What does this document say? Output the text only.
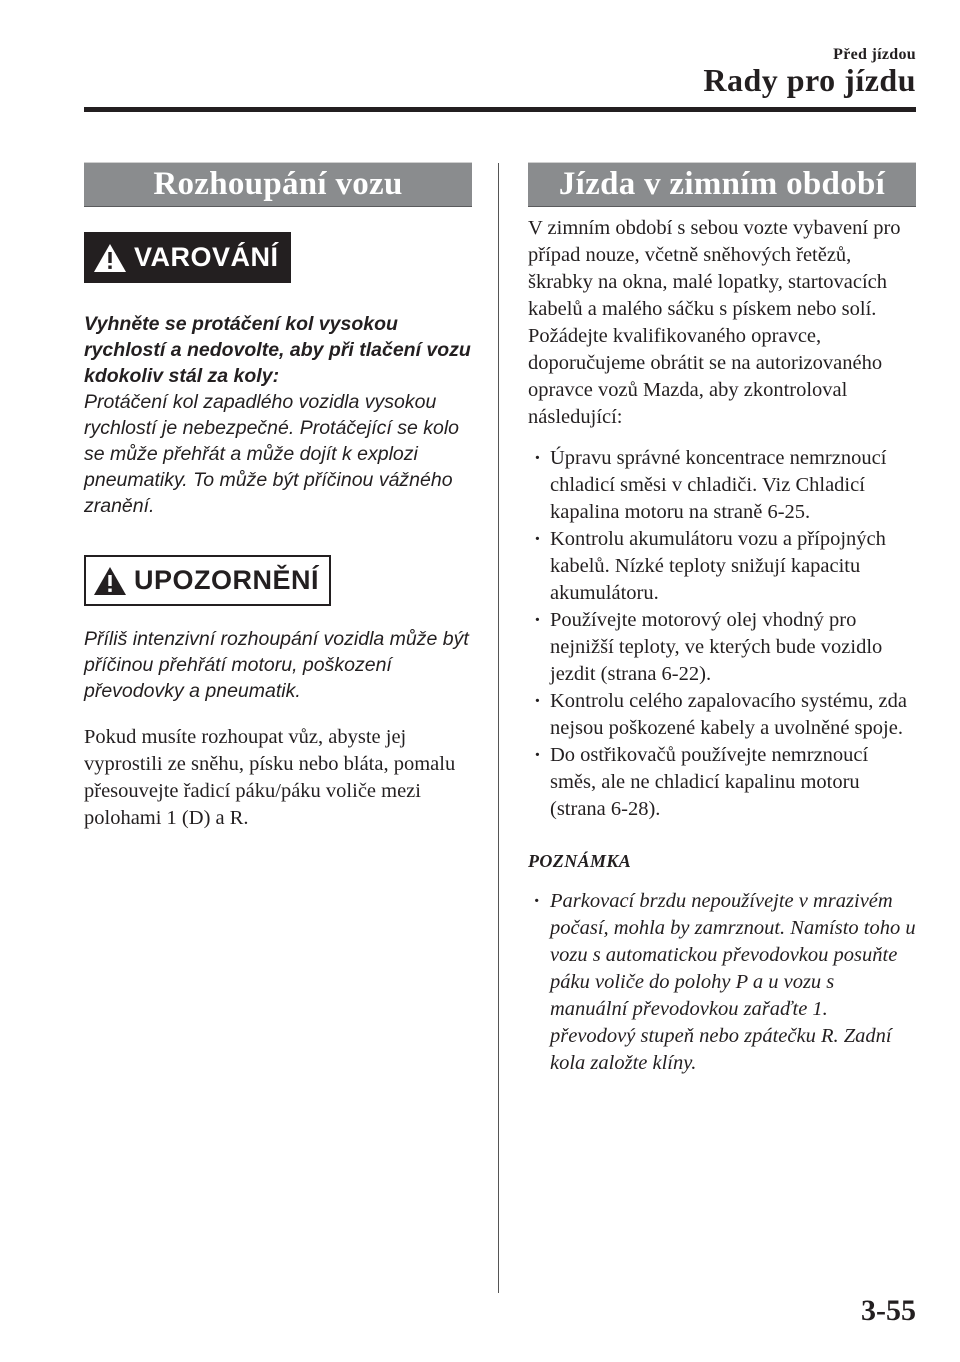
Před jízdou
Rady pro jízdu
Rozhoupání vozu
VAROVÁNÍ
Vyhněte se protáčení kol vysokou rychlostí a nedovolte, aby při tlačení vozu kdokoliv stál za koly:
Protáčení kol zapadlého vozidla vysokou rychlostí je nebezpečné. Protáčející se kolo se může přehřát a může dojít k explozi pneumatiky. To může být příčinou vážného zranění.
UPOZORNĚNÍ
Příliš intenzivní rozhoupání vozidla může být příčinou přehřátí motoru, poškození převodovky a pneumatik.
Pokud musíte rozhoupat vůz, abyste jej vyprostili ze sněhu, písku nebo bláta, pomalu přesouvejte řadicí páku/páku voliče mezi polohami 1 (D) a R.
Jízda v zimním období
V zimním období s sebou vozte vybavení pro případ nouze, včetně sněhových řetězů, škrabky na okna, malé lopatky, startovacích kabelů a malého sáčku s pískem nebo solí.
Požádejte kvalifikovaného opravce, doporučujeme obrátit se na autorizovaného opravce vozů Mazda, aby zkontroloval následující:
· Úpravu správné koncentrace nemrznoucí chladicí směsi v chladiči. Viz Chladicí kapalina motoru na straně 6-25.
· Kontrolu akumulátoru vozu a přípojných kabelů. Nízké teploty snižují kapacitu akumulátoru.
· Používejte motorový olej vhodný pro nejnižší teploty, ve kterých bude vozidlo jezdit (strana 6-22).
· Kontrolu celého zapalovacího systému, zda nejsou poškozené kabely a uvolněné spoje.
· Do ostřikovačů používejte nemrznoucí směs, ale ne chladicí kapalinu motoru (strana 6-28).
POZNÁMKA
· Parkovací brzdu nepoužívejte v mrazivém počasí, mohla by zamrznout. Namísto toho u vozu s automatickou převodovkou posuňte páku voliče do polohy P a u vozu s manuální převodovkou zařaďte 1. převodový stupeň nebo zpátečku R. Zadní kola založte klíny.
3-55
